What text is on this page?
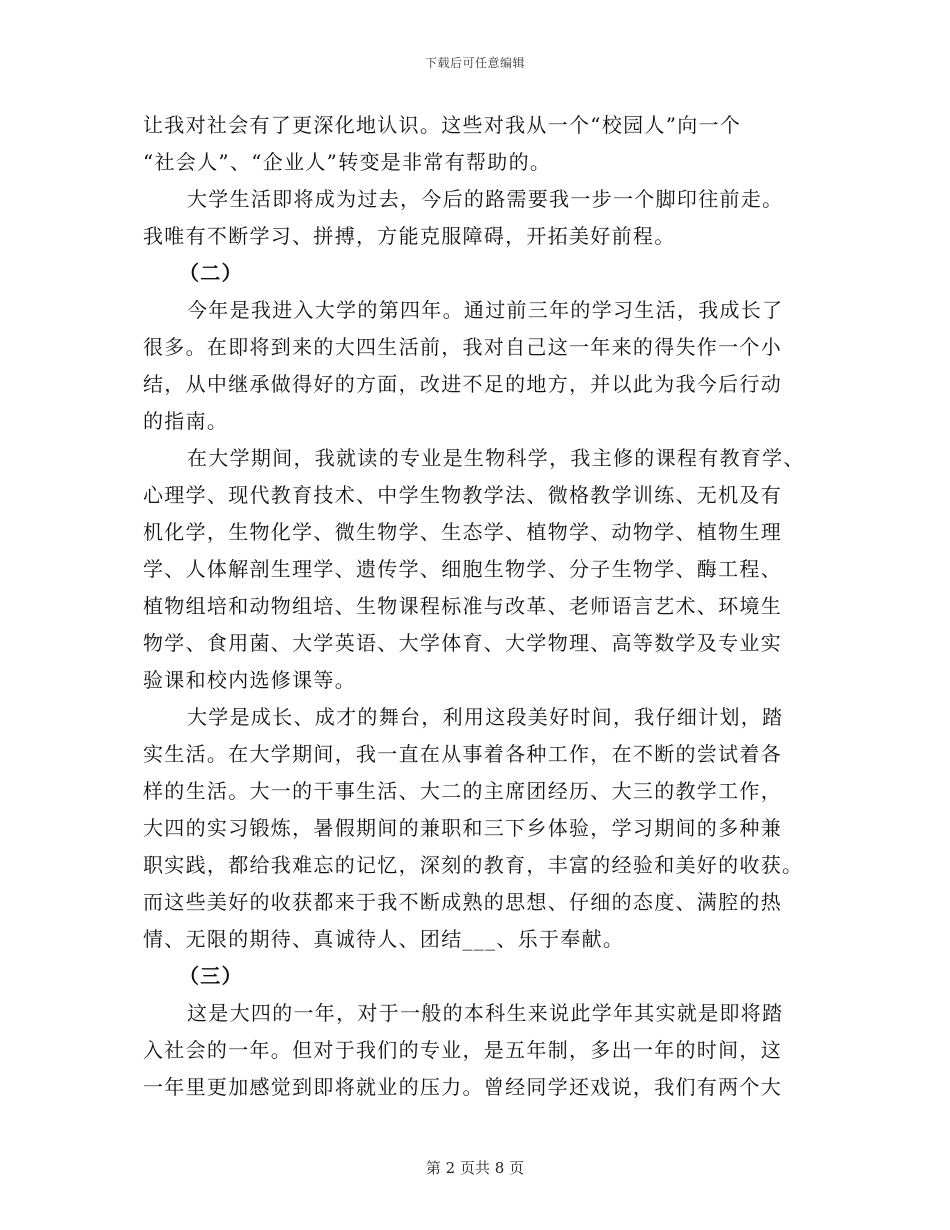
下载后可任意编辑
让我对社会有了更深化地认识。这些对我从一个“校园人”向一个
“社会人”、“企业人”转变是非常有帮助的。
大学生活即将成为过去，今后的路需要我一步一个脚印往前走。
我唯有不断学习、拼搏，方能克服障碍，开拓美好前程。
（二）
今年是我进入大学的第四年。通过前三年的学习生活，我成长了
很多。在即将到来的大四生活前，我对自己这一年来的得失作一个小
结，从中继承做得好的方面，改进不足的地方，并以此为我今后行动
的指南。
在大学期间，我就读的专业是生物科学，我主修的课程有教育学、
心理学、现代教育技术、中学生物教学法、微格教学训练、无机及有
机化学，生物化学、微生物学、生态学、植物学、动物学、植物生理
学、人体解剖生理学、遗传学、细胞生物学、分子生物学、酶工程、
植物组培和动物组培、生物课程标准与改革、老师语言艺术、环境生
物学、食用菌、大学英语、大学体育、大学物理、高等数学及专业实
验课和校内选修课等。
大学是成长、成才的舞台，利用这段美好时间，我仔细计划，踏
实生活。在大学期间，我一直在从事着各种工作，在不断的尝试着各
样的生活。大一的干事生活、大二的主席团经历、大三的教学工作，
大四的实习锻炼，暑假期间的兼职和三下乡体验，学习期间的多种兼
职实践，都给我难忘的记忆，深刻的教育，丰富的经验和美好的收获。
而这些美好的收获都来于我不断成熟的思想、仔细的态度、满腔的热
情、无限的期待、真诚待人、团结___、乐于奉献。
（三）
这是大四的一年，对于一般的本科生来说此学年其实就是即将踏
入社会的一年。但对于我们的专业，是五年制，多出一年的时间，这
一年里更加感觉到即将就业的压力。曾经同学还戏说，我们有两个大
第 2 页共 8 页
